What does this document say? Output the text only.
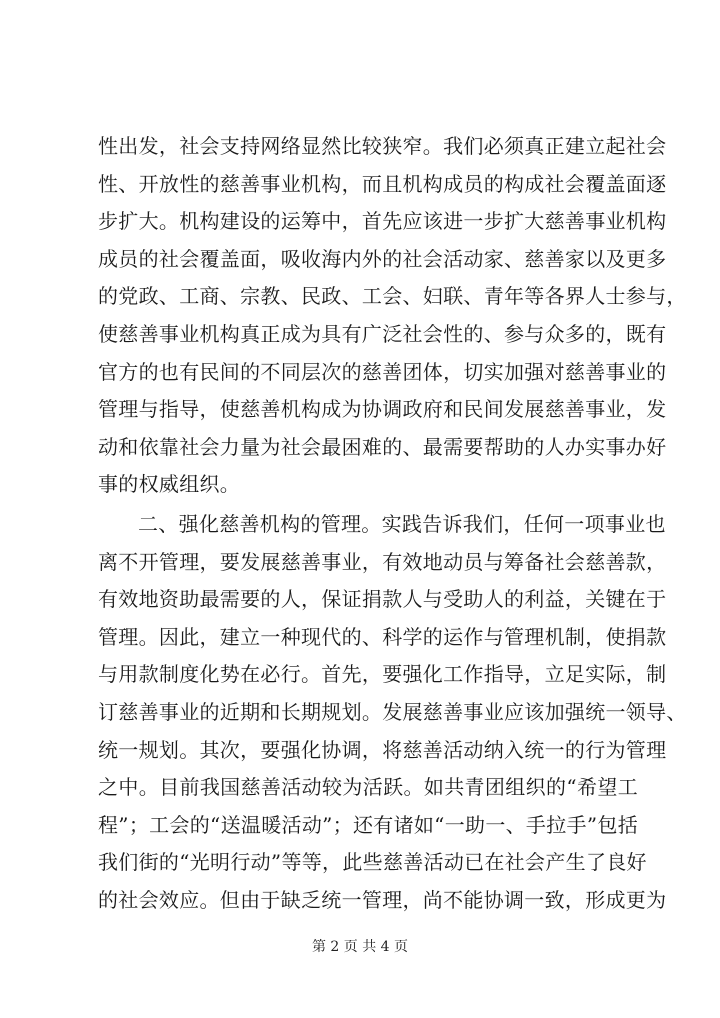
性出发，社会支持网络显然比较狭窄。我们必须真正建立起社会
性、开放性的慈善事业机构，而且机构成员的构成社会覆盖面逐
步扩大。机构建设的运筹中，首先应该进一步扩大慈善事业机构
成员的社会覆盖面，吸收海内外的社会活动家、慈善家以及更多
的党政、工商、宗教、民政、工会、妇联、青年等各界人士参与，
使慈善事业机构真正成为具有广泛社会性的、参与众多的，既有
官方的也有民间的不同层次的慈善团体，切实加强对慈善事业的
管理与指导，使慈善机构成为协调政府和民间发展慈善事业，发
动和依靠社会力量为社会最困难的、最需要帮助的人办实事办好
事的权威组织。
二、强化慈善机构的管理。实践告诉我们，任何一项事业也
离不开管理，要发展慈善事业，有效地动员与筹备社会慈善款，
有效地资助最需要的人，保证捐款人与受助人的利益，关键在于
管理。因此，建立一种现代的、科学的运作与管理机制，使捐款
与用款制度化势在必行。首先，要强化工作指导，立足实际，制
订慈善事业的近期和长期规划。发展慈善事业应该加强统一领导、
统一规划。其次，要强化协调，将慈善活动纳入统一的行为管理
之中。目前我国慈善活动较为活跃。如共青团组织的“希望工
程”；工会的“送温暖活动”；还有诸如“一助一、手拉手”包括
我们街的“光明行动”等等，此些慈善活动已在社会产生了良好
的社会效应。但由于缺乏统一管理，尚不能协调一致，形成更为
第 2 页 共 4 页
